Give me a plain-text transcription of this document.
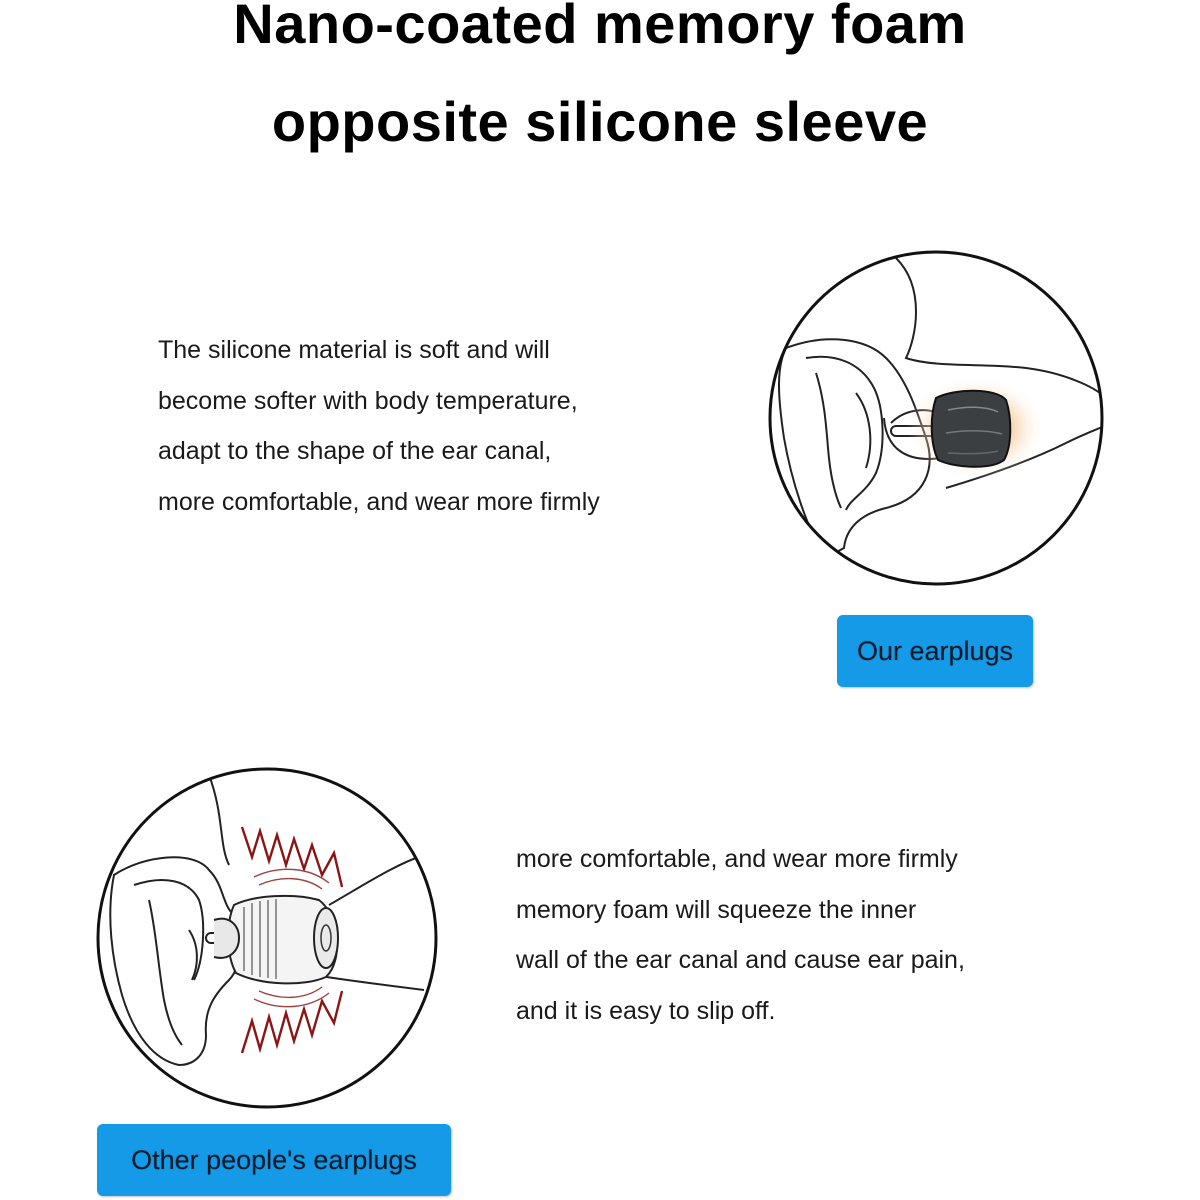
Nano-coated memory foam
opposite silicone sleeve
The silicone material is soft and will
become softer with body temperature,
adapt to the shape of the ear canal,
more comfortable, and wear more firmly
Our earplugs
more comfortable, and wear more firmly
memory foam will squeeze the inner
wall of the ear canal and cause ear pain,
and it is easy to slip off.
Other people's earplugs
